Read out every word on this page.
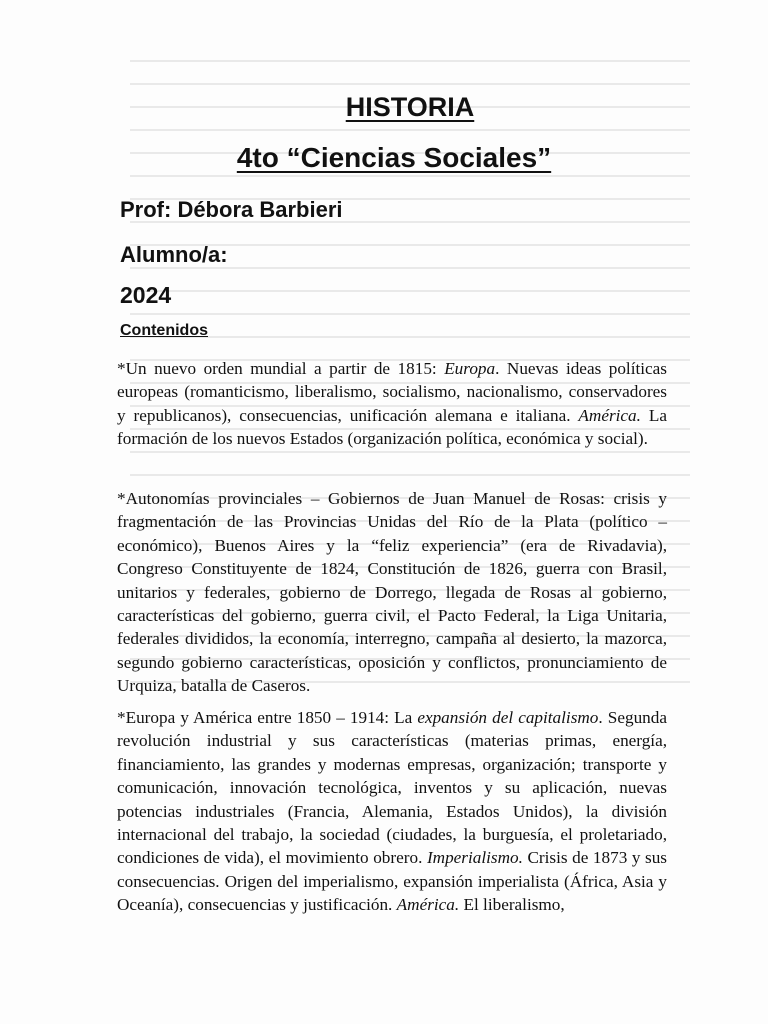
HISTORIA
4to “Ciencias Sociales”
Prof: Débora Barbieri
Alumno/a:
2024
Contenidos

*Un nuevo orden mundial a partir de 1815: Europa. Nuevas ideas políticas europeas (romanticismo, liberalismo, socialismo, nacionalismo, conservadores y republicanos), consecuencias, unificación alemana e italiana. América. La formación de los nuevos Estados (organización política, económica y social).

*Autonomías provinciales – Gobiernos de Juan Manuel de Rosas: crisis y fragmentación de las Provincias Unidas del Río de la Plata (político – económico), Buenos Aires y la “feliz experiencia” (era de Rivadavia), Congreso Constituyente de 1824, Constitución de 1826, guerra con Brasil, unitarios y federales, gobierno de Dorrego, llegada de Rosas al gobierno, características del gobierno, guerra civil, el Pacto Federal, la Liga Unitaria, federales divididos, la economía, interregno, campaña al desierto, la mazorca, segundo gobierno características, oposición y conflictos, pronunciamiento de Urquiza, batalla de Caseros.

*Europa y América entre 1850 – 1914: La expansión del capitalismo. Segunda revolución industrial y sus características (materias primas, energía, financiamiento, las grandes y modernas empresas, organización; transporte y comunicación, innovación tecnológica, inventos y su aplicación, nuevas potencias industriales (Francia, Alemania, Estados Unidos), la división internacional del trabajo, la sociedad (ciudades, la burguesía, el proletariado, condiciones de vida), el movimiento obrero. Imperialismo. Crisis de 1873 y sus consecuencias. Origen del imperialismo, expansión imperialista (África, Asia y Oceanía), consecuencias y justificación. América. El liberalismo,
